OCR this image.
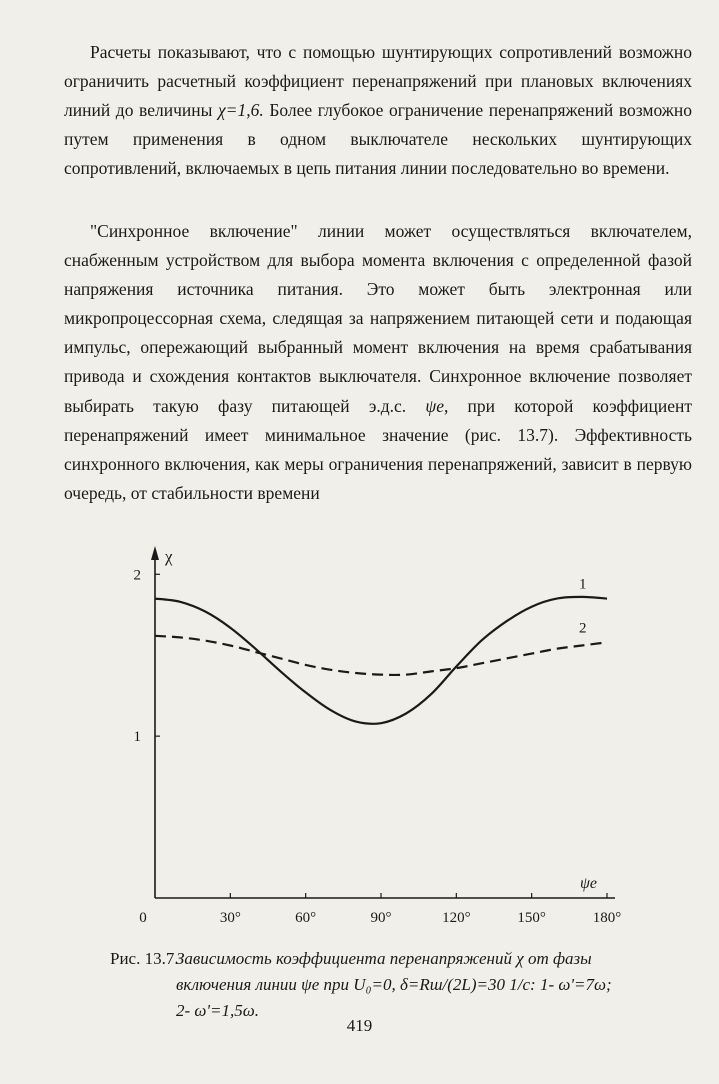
Расчеты показывают, что с помощью шунтирующих сопротивлений возможно ограничить расчетный коэффициент перенапряжений при плановых включениях линий до величины χ=1,6. Более глубокое ограничение перенапряжений возможно путем применения в одном выключателе нескольких шунтирующих сопротивлений, включаемых в цепь питания линии последовательно во времени.

"Синхронное включение" линии может осуществляться включателем, снабженным устройством для выбора момента включения с определенной фазой напряжения источника питания. Это может быть электронная или микропроцессорная схема, следящая за напряжением питающей сети и подающая импульс, опережающий выбранный момент включения на время срабатывания привода и схождения контактов выключателя. Синхронное включение позволяет выбирать такую фазу питающей э.д.с. ψе, при которой коэффициент перенапряжений имеет минимальное значение (рис. 13.7). Эффективность синхронного включения, как меры ограничения перенапряжений, зависит в первую очередь, от стабильности времени

0	30°	60°	90°	120°	150°	180°
1
2
χ
ψе
1
2
Рис. 13.7.
Зависимость коэффициента перенапряжений χ от фазы
включения линии ψе при U₀=0, δ=Rш/(2L)=30 1/с: 1- ω'=7ω;
2- ω'=1,5ω.
419
